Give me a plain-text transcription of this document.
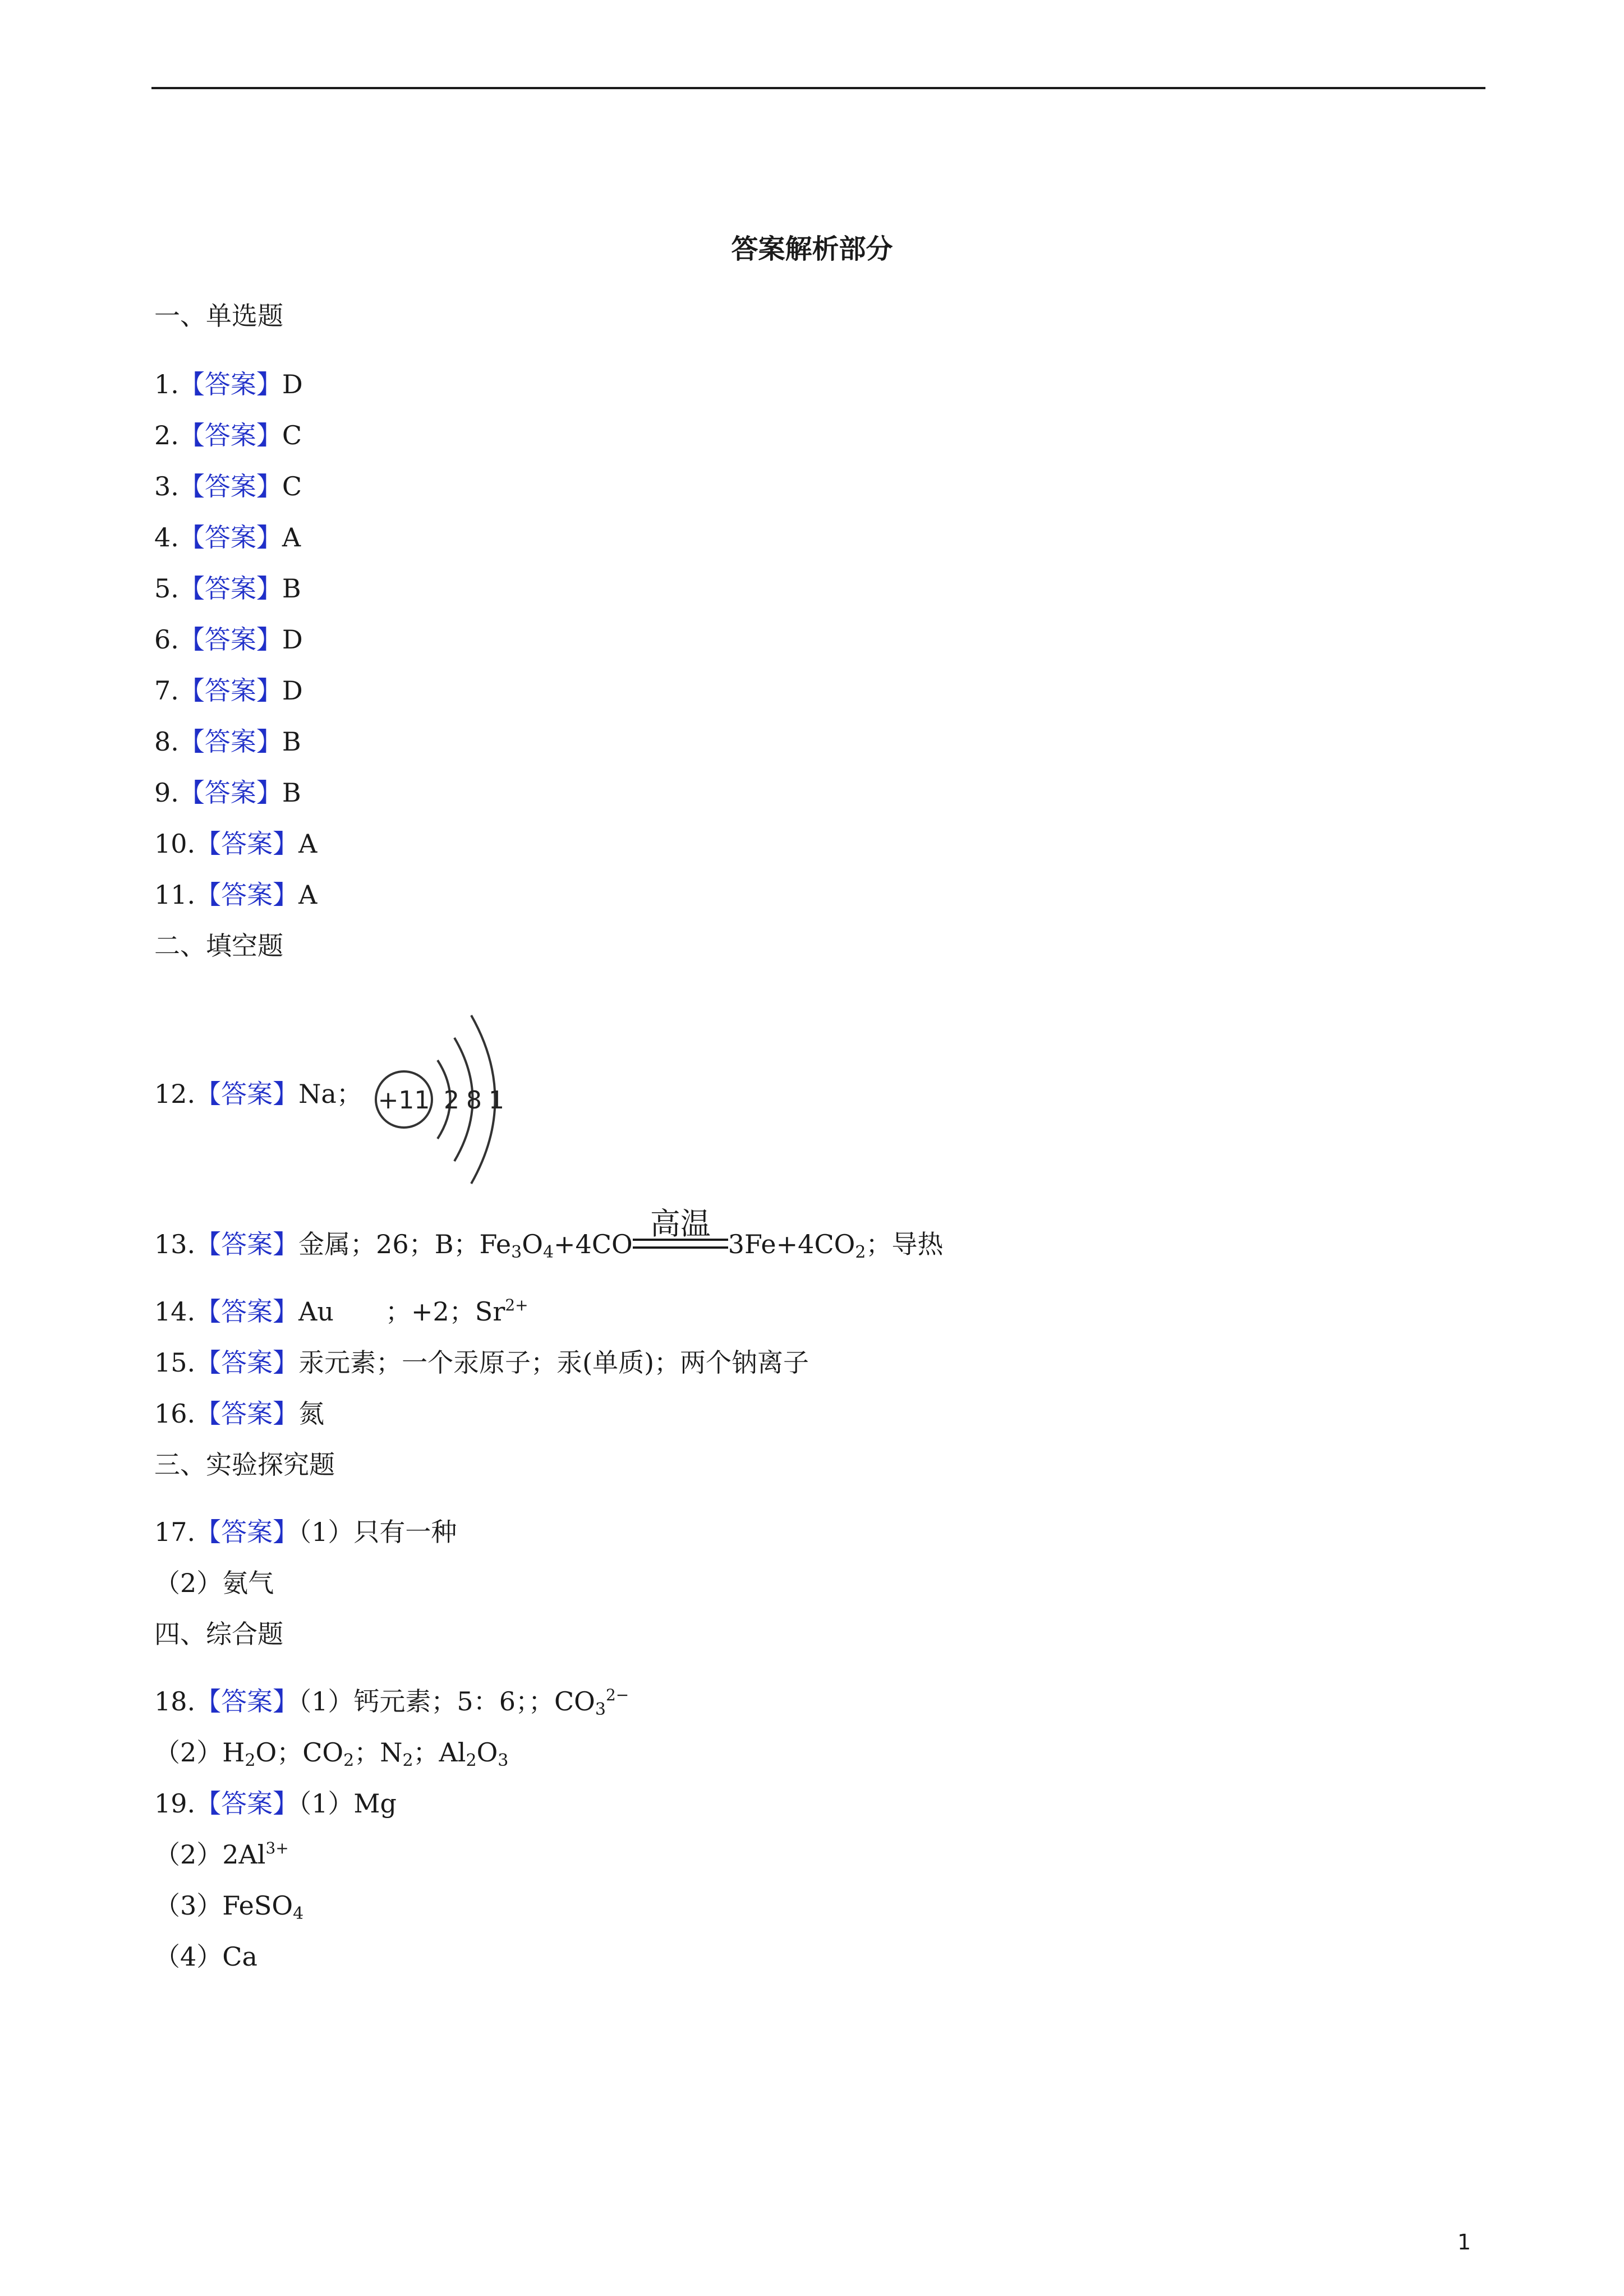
答案解析部分
一、单选题
1.【答案】D
2.【答案】C
3.【答案】C
4.【答案】A
5.【答案】B
6.【答案】D
7.【答案】D
8.【答案】B
9.【答案】B
10.【答案】A
11.【答案】A
二、填空题
12.【答案】Na； +11 2 8 1
13.【答案】金属；26；B；$Fe_3O_4+4CO$
高温
$3Fe+4CO_2$；导热
14.【答案】Au　　；+2；$Sr^{2+}$
15.【答案】汞元素；一个汞原子；汞(单质)；两个钠离子
16.【答案】氮
三、实验探究题
17.【答案】（1）只有一种
（2）氨气
四、综合题
18.【答案】（1）钙元素；5：6；；$CO_3^{2-}$
$(2)H_2O$；$CO_2$；$N_2$；$Al_2O_3$
19.【答案】（1）Mg
$(2)2Al^{3+}$
（3）FeSO$_4$
（4）Ca
1
